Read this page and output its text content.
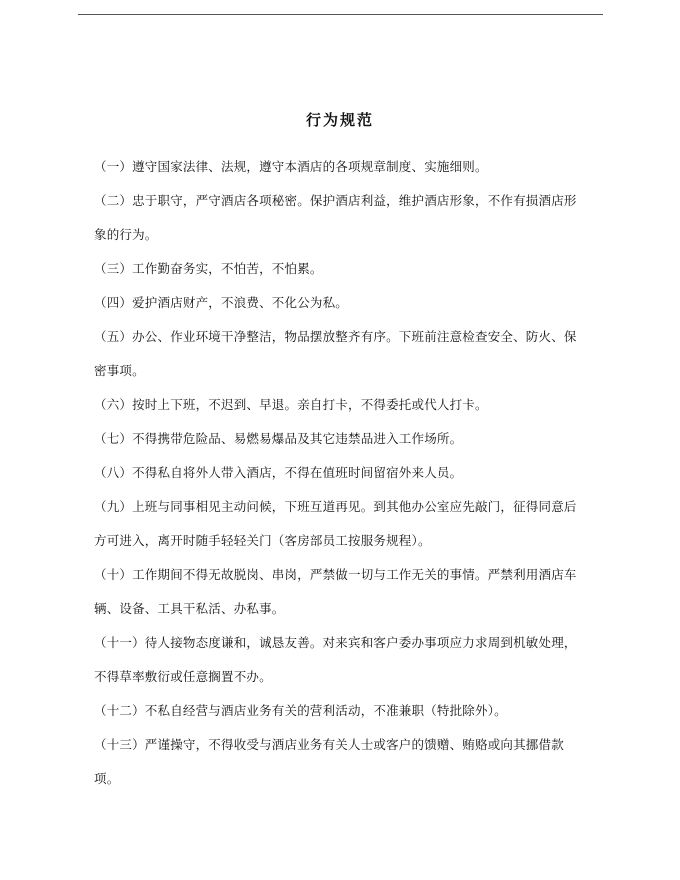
行为规范

（一）遵守国家法律、法规，遵守本酒店的各项规章制度、实施细则。

（二）忠于职守，严守酒店各项秘密。保护酒店利益，维护酒店形象，不作有损酒店形象的行为。

（三）工作勤奋务实，不怕苦，不怕累。

（四）爱护酒店财产，不浪费、不化公为私。

（五）办公、作业环境干净整洁，物品摆放整齐有序。下班前注意检查安全、防火、保密事项。

（六）按时上下班，不迟到、早退。亲自打卡，不得委托或代人打卡。

（七）不得携带危险品、易燃易爆品及其它违禁品进入工作场所。

（八）不得私自将外人带入酒店，不得在值班时间留宿外来人员。

（九）上班与同事相见主动问候，下班互道再见。到其他办公室应先敲门，征得同意后方可进入，离开时随手轻轻关门（客房部员工按服务规程）。

（十）工作期间不得无故脱岗、串岗，严禁做一切与工作无关的事情。严禁利用酒店车辆、设备、工具干私活、办私事。

（十一）待人接物态度谦和，诚恳友善。对来宾和客户委办事项应力求周到机敏处理，不得草率敷衍或任意搁置不办。

（十二）不私自经营与酒店业务有关的营利活动，不准兼职（特批除外）。

（十三）严谨操守，不得收受与酒店业务有关人士或客户的馈赠、贿赂或向其挪借款项。
